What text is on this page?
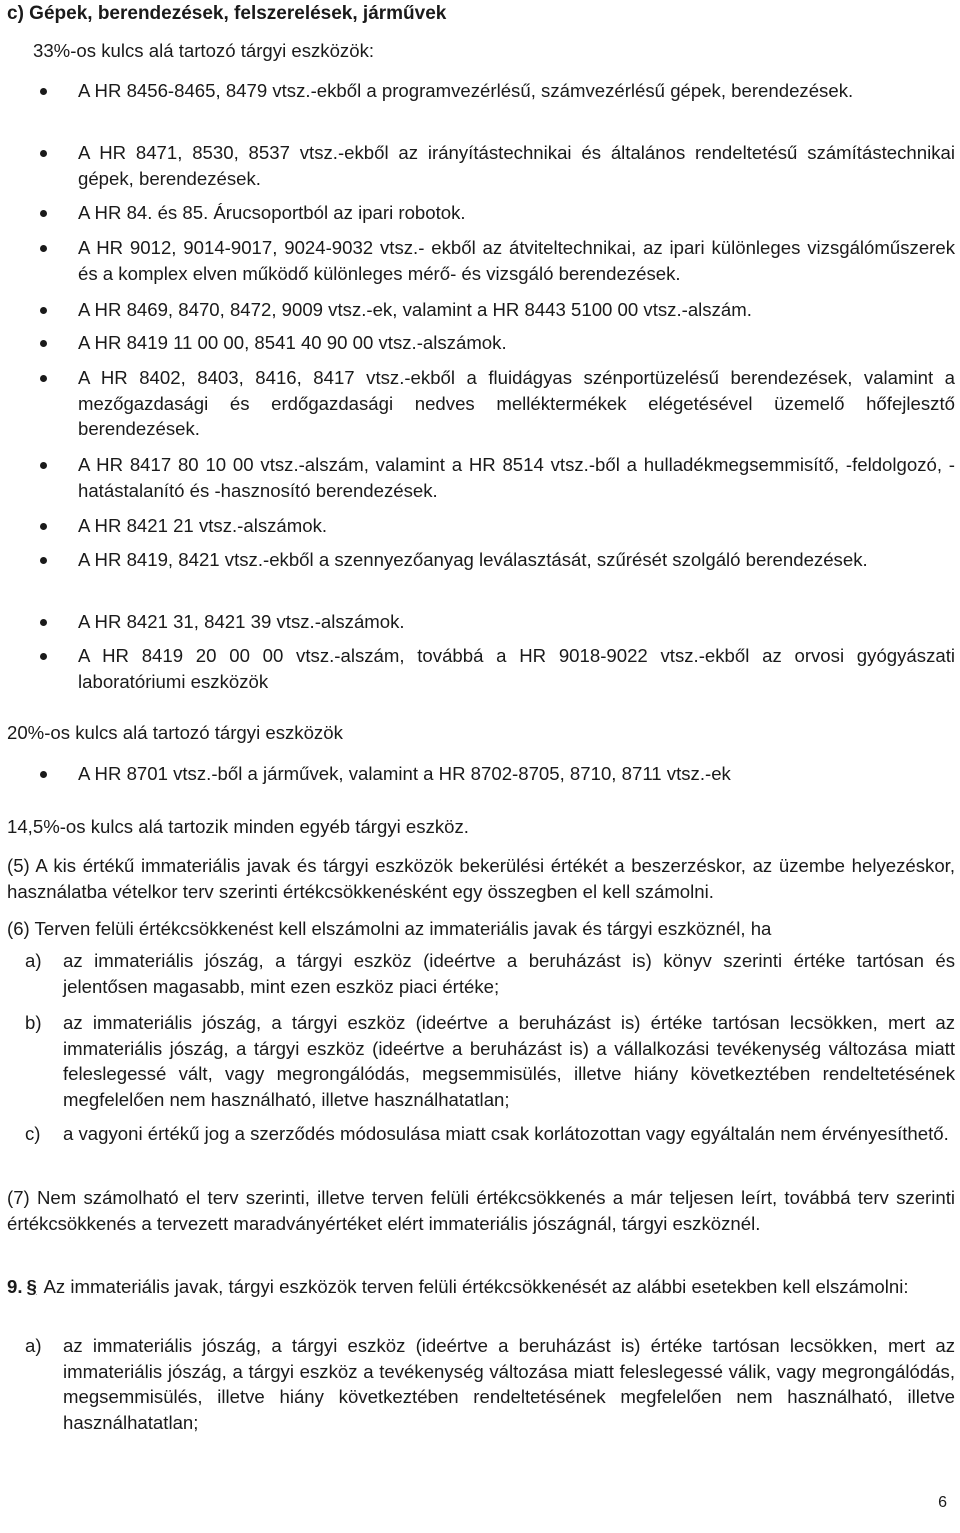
c) Gépek, berendezések, felszerelések, járművek
33%-os kulcs alá tartozó tárgyi eszközök:
A HR 8456-8465, 8479 vtsz.-ekből a programvezérlésű, számvezérlésű gépek, berendezések.
A HR 8471, 8530, 8537 vtsz.-ekből az irányítástechnikai és általános rendeltetésű számítástechnikai gépek, berendezések.
A HR 84. és 85. Árucsoportból az ipari robotok.
A HR 9012, 9014-9017, 9024-9032 vtsz.- ekből az átviteltechnikai, az ipari különleges vizsgálóműszerek és a komplex elven működő különleges mérő- és vizsgáló berendezések.
A HR 8469, 8470, 8472, 9009 vtsz.-ek, valamint a HR 8443 5100 00 vtsz.-alszám.
A HR 8419 11 00 00, 8541 40 90 00 vtsz.-alszámok.
A HR 8402, 8403, 8416, 8417 vtsz.-ekből a fluidágyas szénportüzelésű berendezések, valamint a mezőgazdasági és erdőgazdasági nedves melléktermékek elégetésével üzemelő hőfejlesztő berendezések.
A HR 8417 80 10 00 vtsz.-alszám, valamint a HR 8514 vtsz.-ből a hulladékmegsemmisítő, -feldolgozó, -hatástalanító és -hasznosító berendezések.
A HR 8421 21 vtsz.-alszámok.
A HR 8419, 8421 vtsz.-ekből a szennyezőanyag leválasztását, szűrését szolgáló berendezések.
A HR 8421 31, 8421 39 vtsz.-alszámok.
A HR 8419 20 00 00 vtsz.-alszám, továbbá a HR 9018-9022 vtsz.-ekből az orvosi gyógyászati laboratóriumi eszközök
20%-os kulcs alá tartozó tárgyi eszközök
A HR 8701 vtsz.-ből a járművek, valamint a HR 8702-8705, 8710, 8711 vtsz.-ek
14,5%-os kulcs alá tartozik minden egyéb tárgyi eszköz.
(5) A kis értékű immateriális javak és tárgyi eszközök bekerülési értékét a beszerzéskor, az üzembe helyezéskor, használatba vételkor terv szerinti értékcsökkenésként egy összegben el kell számolni.
(6) Terven felüli értékcsökkenést kell elszámolni az immateriális javak és tárgyi eszköznél, ha
a) az immateriális jószág, a tárgyi eszköz (ideértve a beruházást is) könyv szerinti értéke tartósan és jelentősen magasabb, mint ezen eszköz piaci értéke;
b) az immateriális jószág, a tárgyi eszköz (ideértve a beruházást is) értéke tartósan lecsökken, mert az immateriális jószág, a tárgyi eszköz (ideértve a beruházást is) a vállalkozási tevékenység változása miatt feleslegessé vált, vagy megrongálódás, megsemmisülés, illetve hiány következtében rendeltetésének megfelelően nem használható, illetve használhatatlan;
c) a vagyoni értékű jog a szerződés módosulása miatt csak korlátozottan vagy egyáltalán nem érvényesíthető.
(7) Nem számolható el terv szerinti, illetve terven felüli értékcsökkenés a már teljesen leírt, továbbá terv szerinti értékcsökkenés a tervezett maradványértéket elért immateriális jószágnál, tárgyi eszköznél.
9. § Az immateriális javak, tárgyi eszközök terven felüli értékcsökkenését az alábbi esetekben kell elszámolni:
a) az immateriális jószág, a tárgyi eszköz (ideértve a beruházást is) értéke tartósan lecsökken, mert az immateriális jószág, a tárgyi eszköz a tevékenység változása miatt feleslegessé válik, vagy megrongálódás, megsemmisülés, illetve hiány következtében rendeltetésének megfelelően nem használható, illetve használhatatlan;
6
